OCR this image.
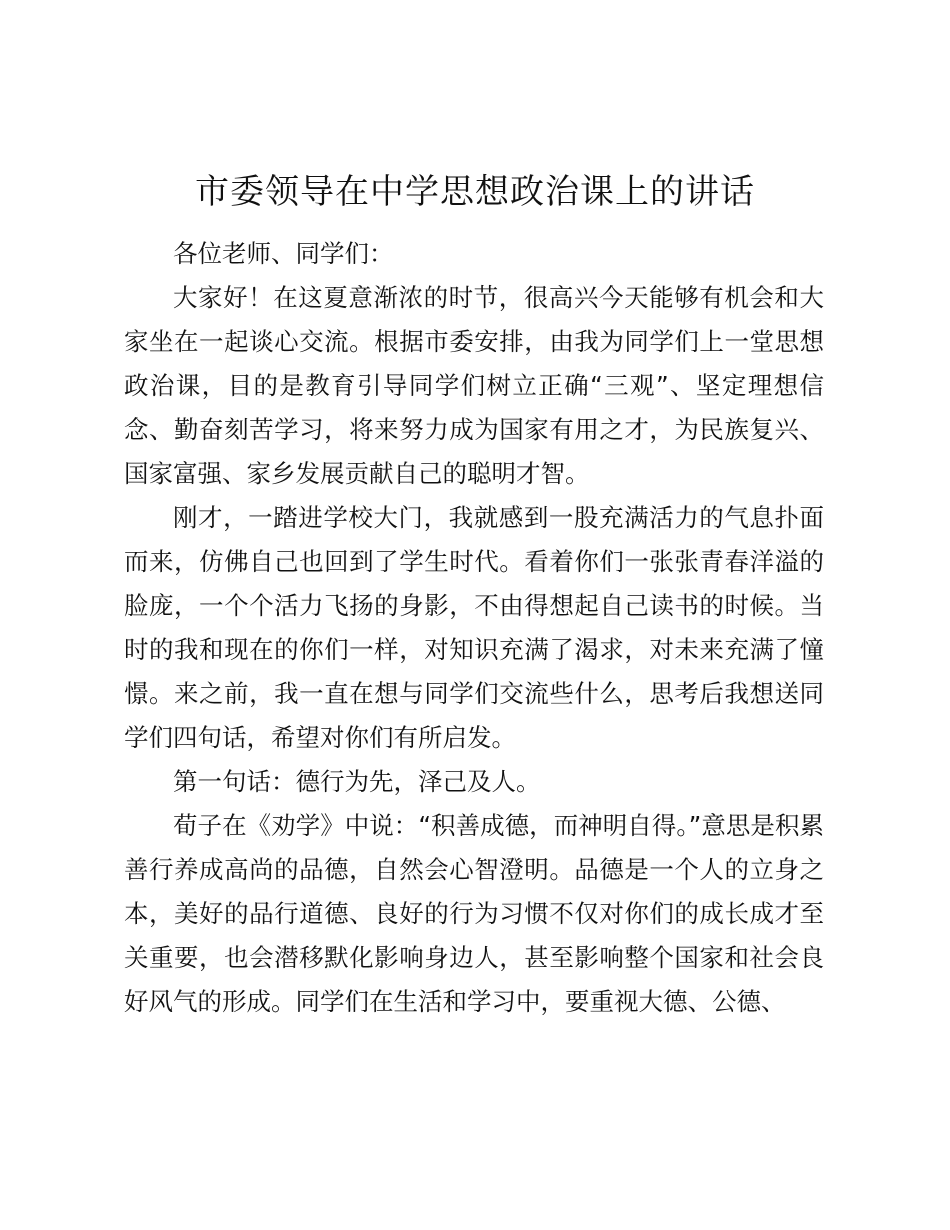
市委领导在中学思想政治课上的讲话

各位老师、同学们：

大家好！在这夏意渐浓的时节，很高兴今天能够有机会和大家坐在一起谈心交流。根据市委安排，由我为同学们上一堂思想政治课，目的是教育引导同学们树立正确“三观”、坚定理想信念、勤奋刻苦学习，将来努力成为国家有用之才，为民族复兴、国家富强、家乡发展贡献自己的聪明才智。

刚才，一踏进学校大门，我就感到一股充满活力的气息扑面而来，仿佛自己也回到了学生时代。看着你们一张张青春洋溢的脸庞，一个个活力飞扬的身影，不由得想起自己读书的时候。当时的我和现在的你们一样，对知识充满了渴求，对未来充满了憧憬。来之前，我一直在想与同学们交流些什么，思考后我想送同学们四句话，希望对你们有所启发。

第一句话：德行为先，泽己及人。

荀子在《劝学》中说：“积善成德，而神明自得。”意思是积累善行养成高尚的品德，自然会心智澄明。品德是一个人的立身之本，美好的品行道德、良好的行为习惯不仅对你们的成长成才至关重要，也会潜移默化影响身边人，甚至影响整个国家和社会良好风气的形成。同学们在生活和学习中，要重视大德、公德、
